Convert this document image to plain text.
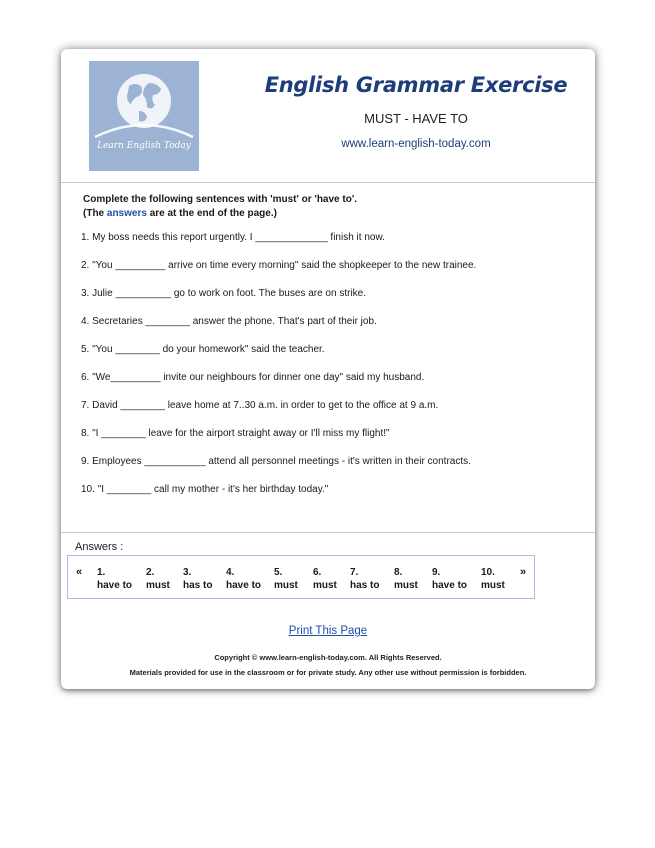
Learn English Today
English Grammar Exercise
MUST - HAVE TO
www.learn-english-today.com
Complete the following sentences with 'must' or 'have to'.
(The answers are at the end of the page.)
1. My boss needs this report urgently. I _____________ finish it now.
2. "You _________ arrive on time every morning" said the shopkeeper to the new trainee.
3. Julie __________ go to work on foot. The buses are on strike.
4. Secretaries ________ answer the phone. That's part of their job.
5. "You ________ do your homework" said the teacher.
6. "We_________ invite our neighbours for dinner one day" said my husband.
7. David ________ leave home at 7..30 a.m. in order to get to the office at 9 a.m.
8. "I ________ leave for the airport straight away or I'll miss my flight!"
9. Employees ___________ attend all personnel meetings - it's written in their contracts.
10. "I ________ call my mother - it's her birthday today."
Answers :
« 1.
have to
2.
must
3.
has to
4.
have to
5.
must
6.
must
7.
has to
8.
must
9.
have to
10.
must
»
Print This Page
Copyright © www.learn-english-today.com. All Rights Reserved.
Materials provided for use in the classroom or for private study. Any other use without permission is forbidden.
